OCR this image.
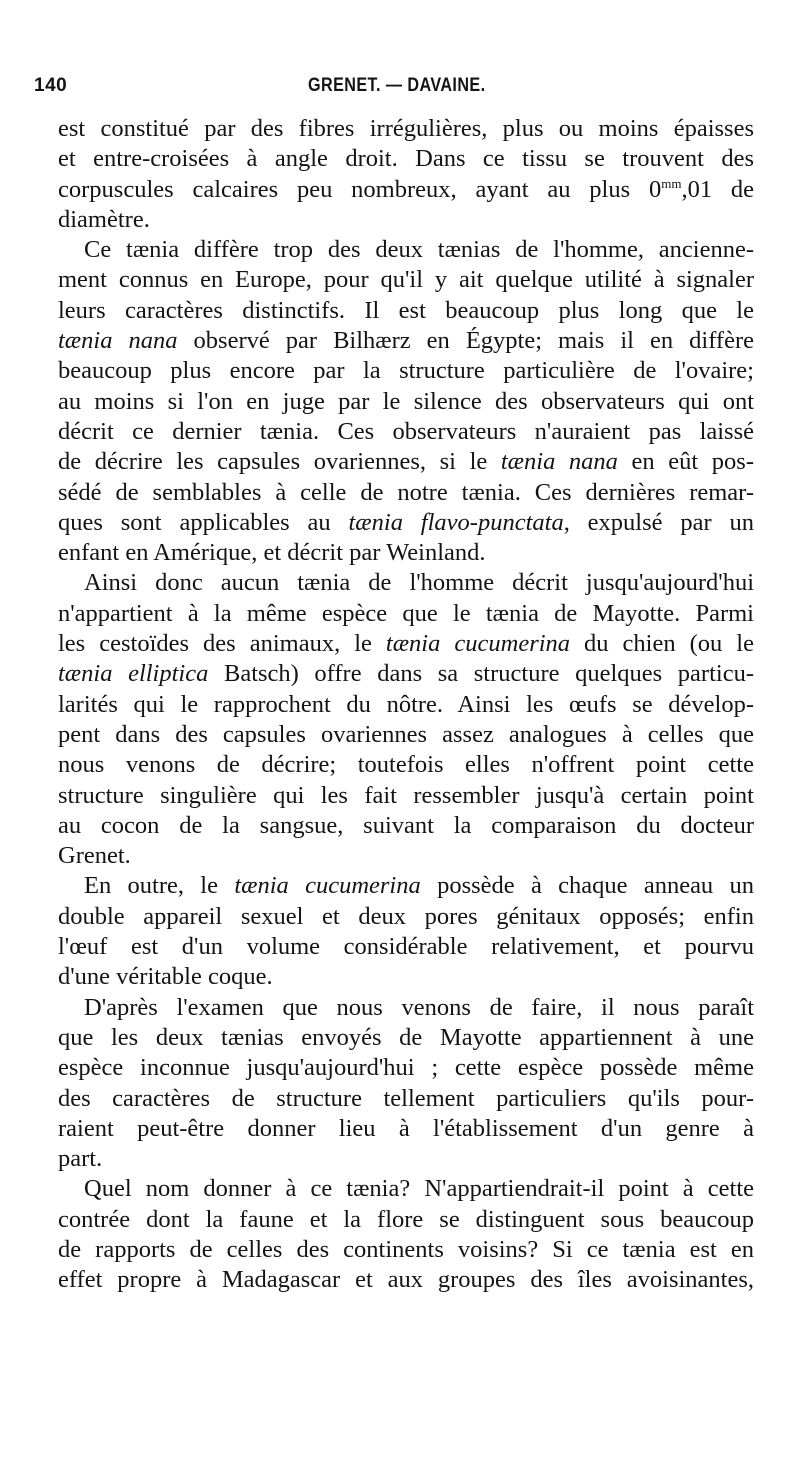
140	GRENET. — DAVAINE.
est constitué par des fibres irrégulières, plus ou moins épaisses
et entre-croisées à angle droit. Dans ce tissu se trouvent des
corpuscules calcaires peu nombreux, ayant au plus $0^{mm},01$ de
diamètre.
Ce tænia diffère trop des deux tænias de l'homme, ancienne-
ment connus en Europe, pour qu'il y ait quelque utilité à signaler
leurs caractères distinctifs. Il est beaucoup plus long que le
tænia nana observé par Bilhærz en Égypte; mais il en diffère
beaucoup plus encore par la structure particulière de l'ovaire;
au moins si l'on en juge par le silence des observateurs qui ont
décrit ce dernier tænia. Ces observateurs n'auraient pas laissé
de décrire les capsules ovariennes, si le tænia nana en eût pos-
sédé de semblables à celle de notre tænia. Ces dernières remar-
ques sont applicables au tænia flavo-punctata, expulsé par un
enfant en Amérique, et décrit par Weinland.
Ainsi donc aucun tænia de l'homme décrit jusqu'aujourd'hui
n'appartient à la même espèce que le tænia de Mayotte. Parmi
les cestoïdes des animaux, le tænia cucumerina du chien (ou le
tænia elliptica Batsch) offre dans sa structure quelques particu-
larités qui le rapprochent du nôtre. Ainsi les œufs se dévelop-
pent dans des capsules ovariennes assez analogues à celles que
nous venons de décrire; toutefois elles n'offrent point cette
structure singulière qui les fait ressembler jusqu'à certain point
au cocon de la sangsue, suivant la comparaison du docteur
Grenet.
En outre, le tænia cucumerina possède à chaque anneau un
double appareil sexuel et deux pores génitaux opposés; enfin
l'œuf est d'un volume considérable relativement, et pourvu
d'une véritable coque.
D'après l'examen que nous venons de faire, il nous paraît
que les deux tænias envoyés de Mayotte appartiennent à une
espèce inconnue jusqu'aujourd'hui ; cette espèce possède même
des caractères de structure tellement particuliers qu'ils pour-
raient peut-être donner lieu à l'établissement d'un genre à
part.
Quel nom donner à ce tænia? N'appartiendrait-il point à cette
contrée dont la faune et la flore se distinguent sous beaucoup
de rapports de celles des continents voisins? Si ce tænia est en
effet propre à Madagascar et aux groupes des îles avoisinantes,
